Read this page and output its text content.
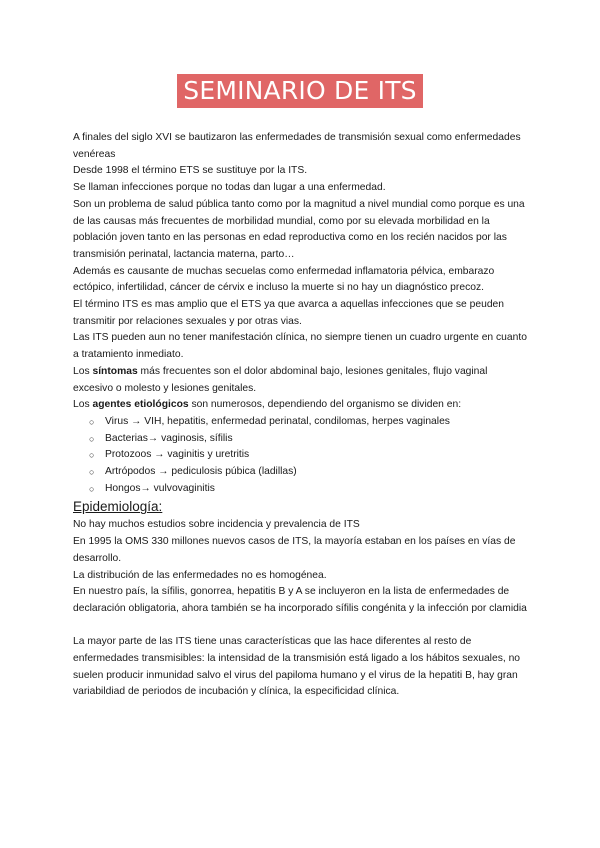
SEMINARIO DE ITS

A finales del siglo XVI se bautizaron las enfermedades de transmisión sexual como enfermedades venéreas

Desde 1998 el término ETS se sustituye por la ITS.

Se llaman infecciones porque no todas dan lugar a una enfermedad.

Son un problema de salud pública tanto como por la magnitud a nivel mundial como porque es una de las causas más frecuentes de morbilidad mundial, como por su elevada morbilidad en la población joven tanto en las personas en edad reproductiva como en los recién nacidos por las transmisión perinatal, lactancia materna, parto…

Además es causante de muchas secuelas como enfermedad inflamatoria pélvica, embarazo ectópico, infertilidad, cáncer de cérvix e incluso la muerte si no hay un diagnóstico precoz.

El término ITS es mas amplio que el ETS ya que avarca a aquellas infecciones que se peuden transmitir por relaciones sexuales y por otras vias.

Las ITS pueden aun no tener manifestación clínica, no siempre tienen un cuadro urgente en cuanto a tratamiento inmediato.

Los síntomas más frecuentes son el dolor abdominal bajo, lesiones genitales, flujo vaginal excesivo o molesto y lesiones genitales.

Los agentes etiológicos son numerosos, dependiendo del organismo se dividen en:

○ Virus → VIH, hepatitis, enfermedad perinatal, condilomas, herpes vaginales
○ Bacterias→ vaginosis, sífilis
○ Protozoos → vaginitis y uretritis
○ Artrópodos → pediculosis púbica (ladillas)
○ Hongos→ vulvovaginitis
Epidemiología:

No hay muchos estudios sobre incidencia y prevalencia de ITS

En 1995 la OMS 330 millones nuevos casos de ITS, la mayoría estaban en los países en vías de desarrollo.

La distribución de las enfermedades no es homogénea.

En nuestro país, la sífilis, gonorrea, hepatitis B y A se incluyeron en la lista de enfermedades de declaración obligatoria, ahora también se ha incorporado sífilis congénita y la infección por clamidia

La mayor parte de las ITS tiene unas características que las hace diferentes al resto de enfermedades transmisibles: la intensidad de la transmisión está ligado a los hábitos sexuales, no suelen producir inmunidad salvo el virus del papiloma humano y el virus de la hepatiti B, hay gran variabildiad de periodos de incubación y clínica, la especificidad clínica.
